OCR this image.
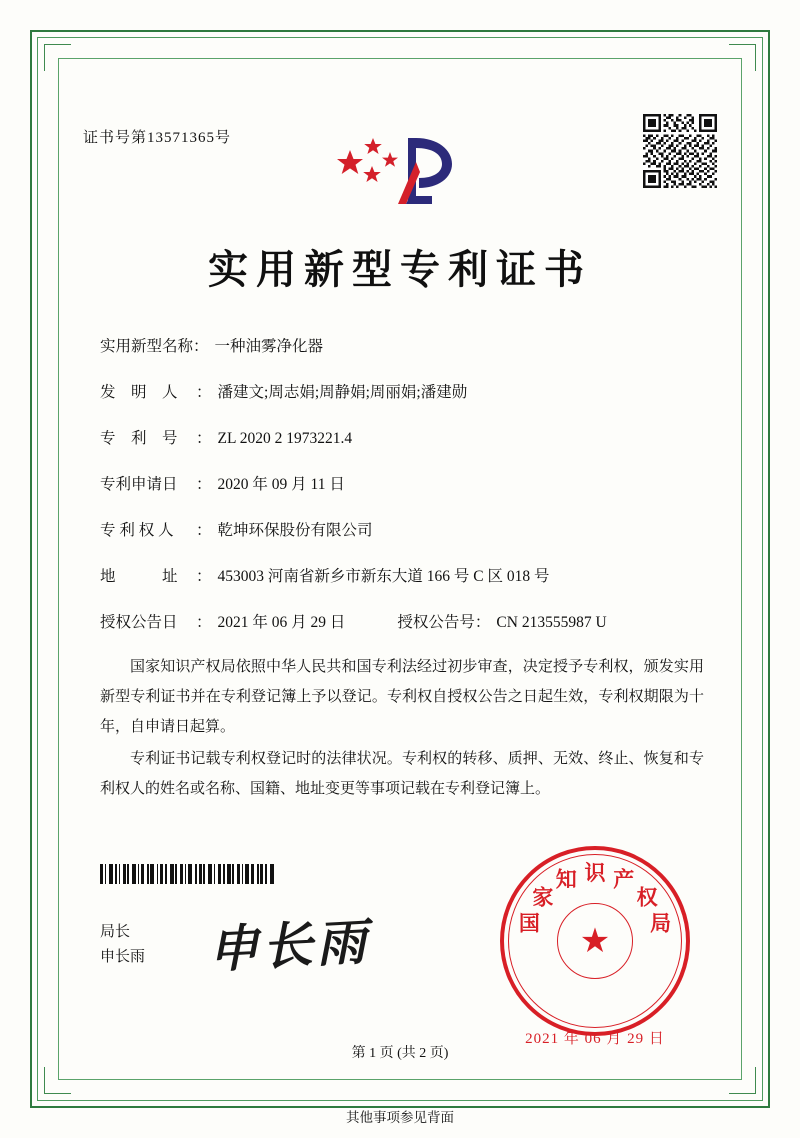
证书号第13571365号
实用新型专利证书
实用新型名称 ： 一种油雾净化器
发　明　人	： 潘建文;周志娟;周静娟;周丽娟;潘建勋
专　利　号	： ZL 2020 2 1973221.4
专利申请日	： 2020 年 09 月 11 日
专 利 权 人	： 乾坤环保股份有限公司
地　　　址	： 453003 河南省新乡市新东大道 166 号 C 区 018 号
授权公告日	： 2021 年 06 月 29 日	授权公告号： CN 213555987 U

国家知识产权局依照中华人民共和国专利法经过初步审查，决定授予专利权，颁发实用新型专利证书并在专利登记簿上予以登记。专利权自授权公告之日起生效，专利权期限为十年，自申请日起算。

专利证书记载专利权登记时的法律状况。专利权的转移、质押、无效、终止、恢复和专利权人的姓名或名称、国籍、地址变更等事项记载在专利登记簿上。

局长
申长雨 申长雨	★
国
家
知 识 产
权
局
2021 年 06 月 29 日
第 1 页 (共 2 页)
其他事项参见背面
